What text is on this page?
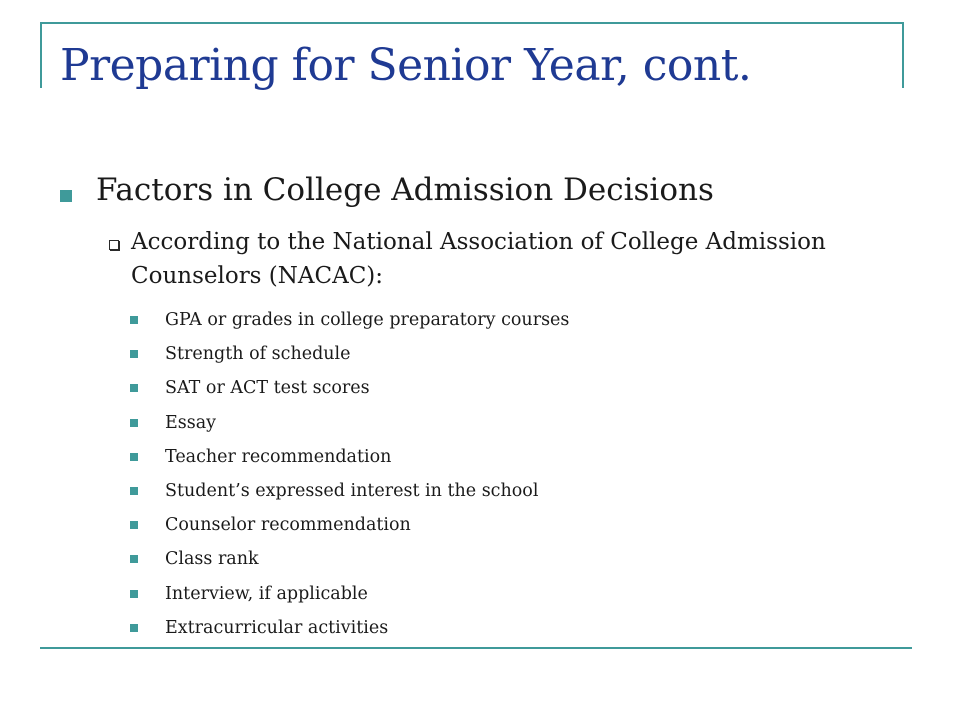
Preparing for Senior Year, cont.
Factors in College Admission Decisions
According to the National Association of College Admission Counselors (NACAC):
GPA or grades in college preparatory courses
Strength of schedule
SAT or ACT test scores
Essay
Teacher recommendation
Student’s expressed interest in the school
Counselor recommendation
Class rank
Interview, if applicable
Extracurricular activities
